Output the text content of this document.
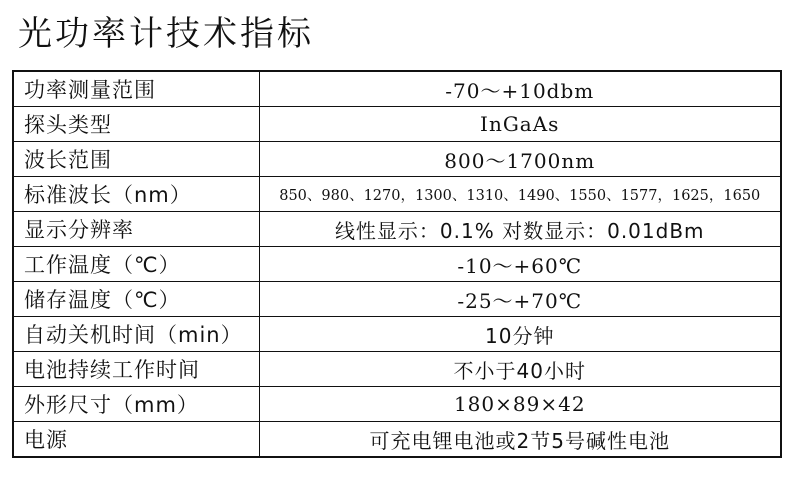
光功率计技术指标
功率测量范围	-70～+10dbm
探头类型	InGaAs
波长范围	800～1700nm
标准波长（nm）	850、980、1270，1300、1310、1490、1550、1577，1625，1650
显示分辨率	线性显示：0.1% 对数显示：0.01dBm
工作温度（℃）	-10～+60℃
储存温度（℃）	-25～+70℃
自动关机时间（min）	10分钟
电池持续工作时间	不小于40小时
外形尺寸（mm）	180×89×42
电源	可充电锂电池或2节5号碱性电池
